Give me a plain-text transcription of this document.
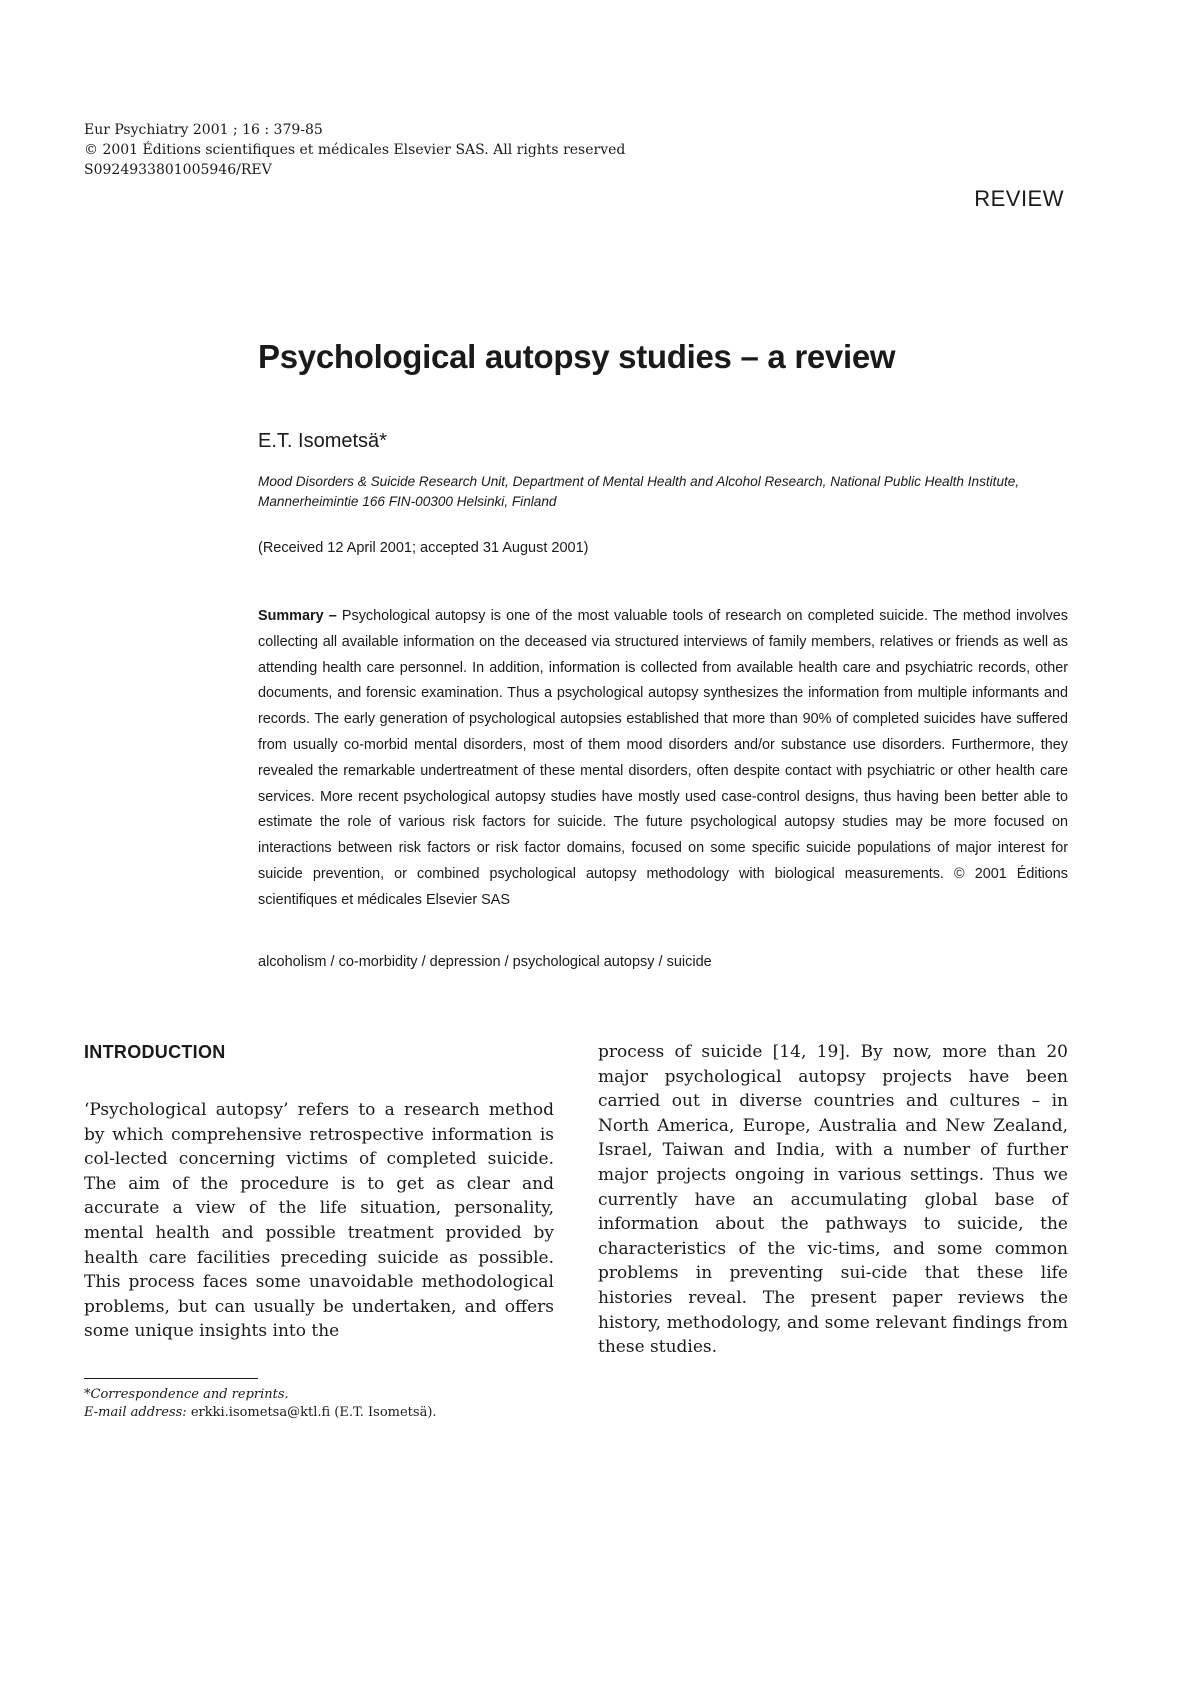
Eur Psychiatry 2001 ; 16 : 379-85
© 2001 Éditions scientifiques et médicales Elsevier SAS. All rights reserved
S0924933801005946/REV
REVIEW
Psychological autopsy studies – a review
E.T. Isometsä*
Mood Disorders & Suicide Research Unit, Department of Mental Health and Alcohol Research, National Public Health Institute, Mannerheimintie 166 FIN-00300 Helsinki, Finland
(Received 12 April 2001; accepted 31 August 2001)
Summary – Psychological autopsy is one of the most valuable tools of research on completed suicide. The method involves collecting all available information on the deceased via structured interviews of family members, relatives or friends as well as attending health care personnel. In addition, information is collected from available health care and psychiatric records, other documents, and forensic examination. Thus a psychological autopsy synthesizes the information from multiple informants and records. The early generation of psychological autopsies established that more than 90% of completed suicides have suffered from usually co-morbid mental disorders, most of them mood disorders and/or substance use disorders. Furthermore, they revealed the remarkable undertreatment of these mental disorders, often despite contact with psychiatric or other health care services. More recent psychological autopsy studies have mostly used case-control designs, thus having been better able to estimate the role of various risk factors for suicide. The future psychological autopsy studies may be more focused on interactions between risk factors or risk factor domains, focused on some specific suicide populations of major interest for suicide prevention, or combined psychological autopsy methodology with biological measurements. © 2001 Éditions scientifiques et médicales Elsevier SAS
alcoholism / co-morbidity / depression / psychological autopsy / suicide
INTRODUCTION

‘Psychological autopsy’ refers to a research method by which comprehensive retrospective information is col-lected concerning victims of completed suicide. The aim of the procedure is to get as clear and accurate a view of the life situation, personality, mental health and possible treatment provided by health care facilities preceding suicide as possible. This process faces some unavoidable methodological problems, but can usually be undertaken, and offers some unique insights into the

process of suicide [14, 19]. By now, more than 20 major psychological autopsy projects have been carried out in diverse countries and cultures – in North America, Europe, Australia and New Zealand, Israel, Taiwan and India, with a number of further major projects ongoing in various settings. Thus we currently have an accumulating global base of information about the pathways to suicide, the characteristics of the vic-tims, and some common problems in preventing sui-cide that these life histories reveal. The present paper reviews the history, methodology, and some relevant findings from these studies.

*Correspondence and reprints.
E-mail address: erkki.isometsa@ktl.fi (E.T. Isometsä).
